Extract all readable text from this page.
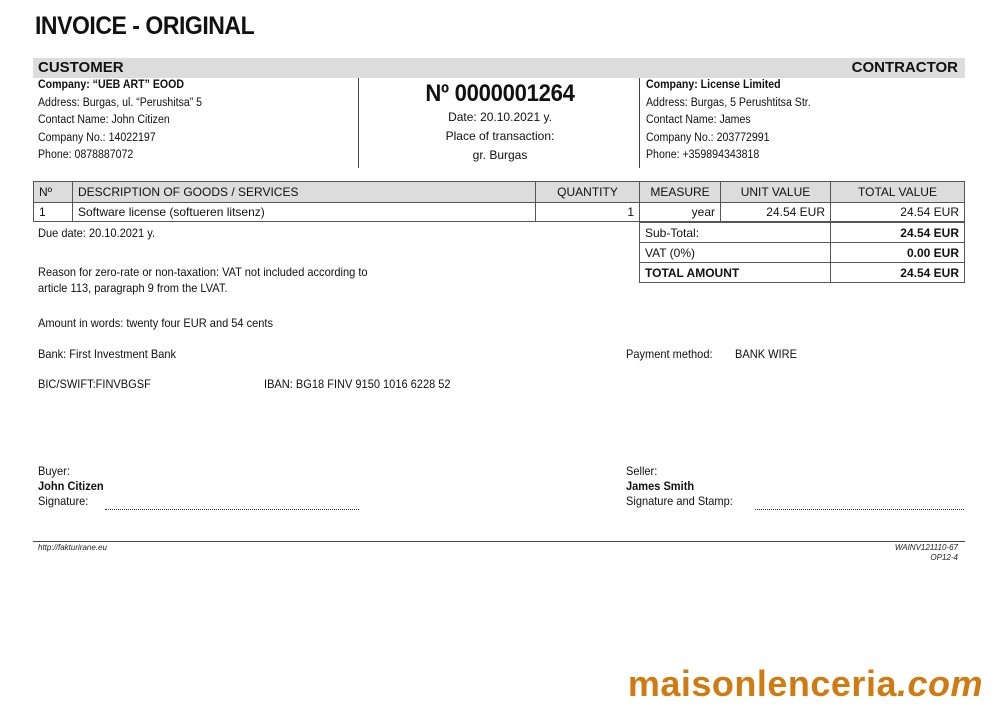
INVOICE - ORIGINAL
CUSTOMER	CONTRACTOR
Company: “UEB ART” EOOD
Address: Burgas, ul. “Perushitsa” 5
Contact Name: John Citizen
Company No.: 14022197
Phone: 0878887072
Nº 0000001264
Date: 20.10.2021 y.
Place of transaction:
gr. Burgas
Company: License Limited
Address: Burgas, 5 Perushtitsa Str.
Contact Name: James
Company No.: 203772991
Phone: +359894343818
Nº	DESCRIPTION OF GOODS / SERVICES	QUANTITY	MEASURE	UNIT VALUE	TOTAL VALUE
1	Software license (softueren litsenz)	1	year	24.54 EUR	24.54 EUR
Sub-Total:	24.54 EUR
VAT (0%)	0.00 EUR
TOTAL AMOUNT	24.54 EUR
Due date: 20.10.2021 y.
Reason for zero-rate or non-taxation: VAT not included according to
article 113, paragraph 9 from the LVAT.
Amount in words: twenty four EUR and 54 cents
Bank: First Investment Bank	Payment method: BANK WIRE
BIC/SWIFT:FINVBGSF	IBAN: BG18 FINV 9150 1016 6228 52
Buyer:
John Citizen
Signature:
Seller:
James Smith
Signature and Stamp:
http://fakturirane.eu	WAINV121110-67
OP12-4
maisonlenceria.com
